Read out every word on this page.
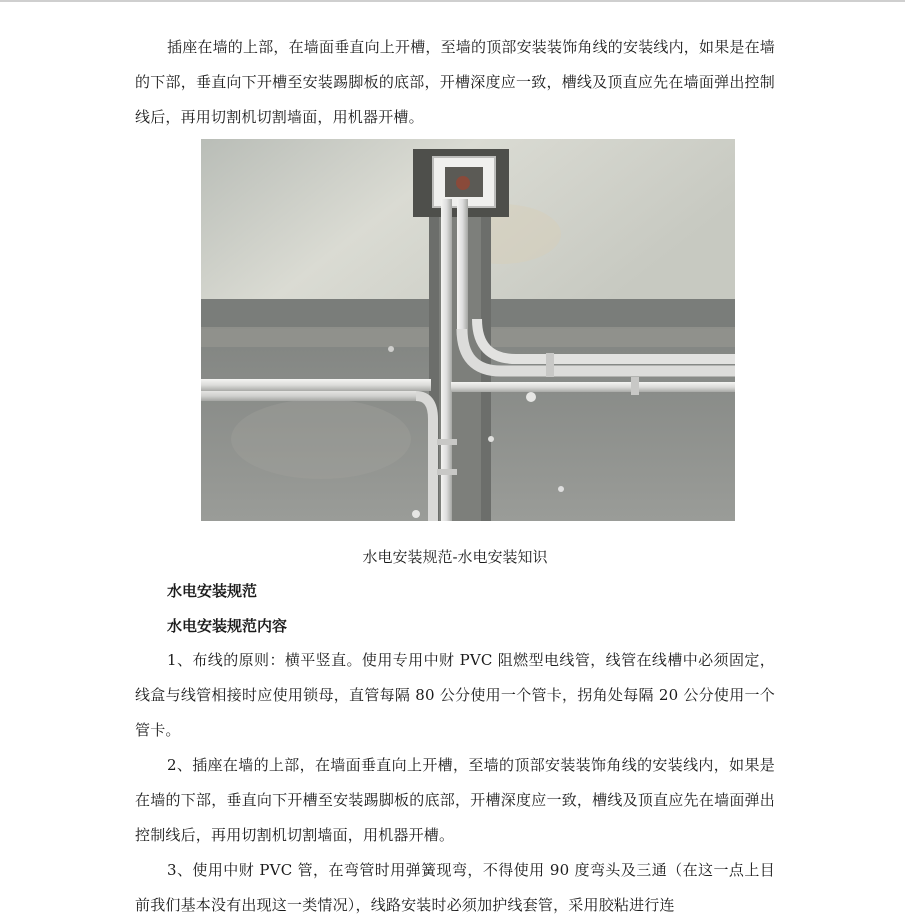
插座在墙的上部，在墙面垂直向上开槽，至墙的顶部安装装饰角线的安装线内，如果是在墙的下部，垂直向下开槽至安装踢脚板的底部，开槽深度应一致，槽线及顶直应先在墙面弹出控制线后，再用切割机切割墙面，用机器开槽。

水电安装规范-水电安装知识
水电安装规范
水电安装规范内容

1、布线的原则：横平竖直。使用专用中财 PVC 阻燃型电线管，线管在线槽中必须固定，线盒与线管相接时应使用锁母，直管每隔 80 公分使用一个管卡，拐角处每隔 20 公分使用一个管卡。

2、插座在墙的上部，在墙面垂直向上开槽，至墙的顶部安装装饰角线的安装线内，如果是在墙的下部，垂直向下开槽至安装踢脚板的底部，开槽深度应一致，槽线及顶直应先在墙面弹出控制线后，再用切割机切割墙面，用机器开槽。

3、使用中财 PVC 管，在弯管时用弹簧现弯，不得使用 90 度弯头及三通（在这一点上目前我们基本没有出现这一类情况），线路安装时必须加护线套管，采用胶粘进行连
